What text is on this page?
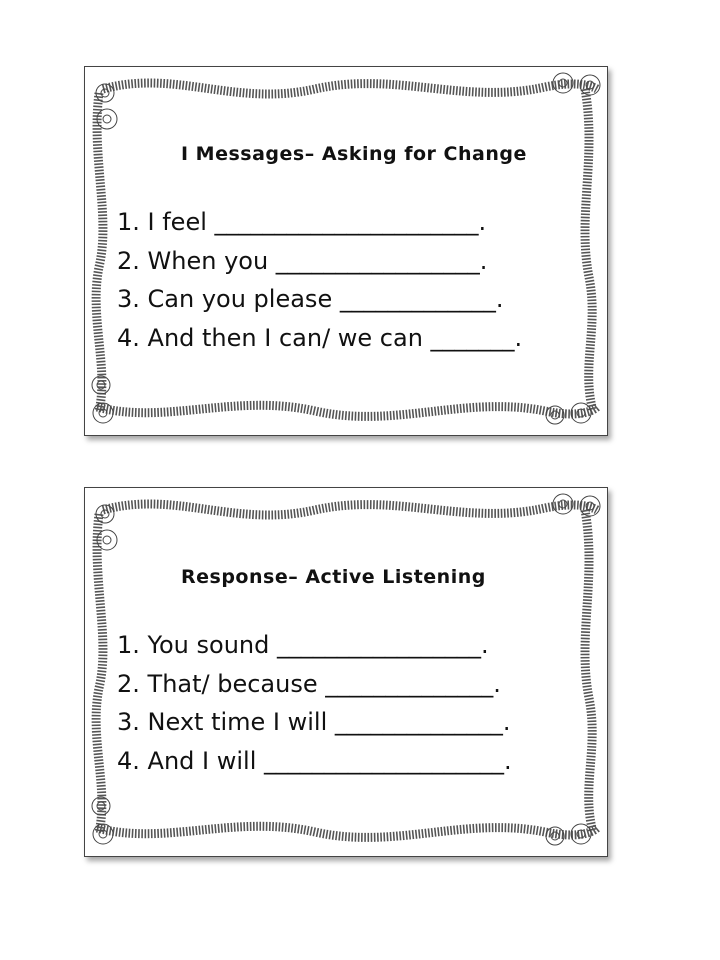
I Messages– Asking for Change
1. I feel ______________________.
2. When you _________________.
3. Can you please _____________.
4. And then I can/ we can _______.
Response– Active Listening
1. You sound _________________.
2. That/ because ______________.
3. Next time I will ______________.
4. And I will ____________________.
